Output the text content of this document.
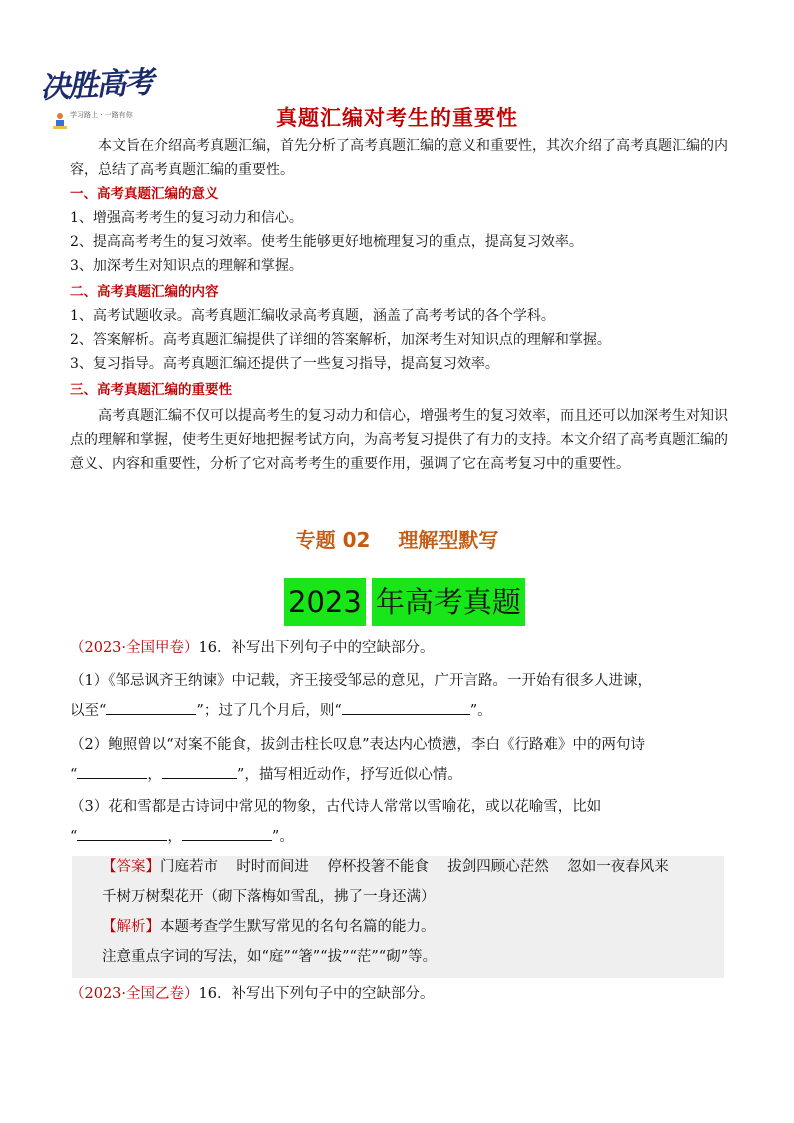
决胜高考
学习路上 · 一路有你	真题汇编对考生的重要性
本文旨在介绍高考真题汇编，首先分析了高考真题汇编的意义和重要性，其次介绍了高考真题汇编的内容，总结了高考真题汇编的重要性。
一、高考真题汇编的意义
1、增强高考考生的复习动力和信心。
2、提高高考考生的复习效率。使考生能够更好地梳理复习的重点，提高复习效率。
3、加深考生对知识点的理解和掌握。
二、高考真题汇编的内容
1、高考试题收录。高考真题汇编收录高考真题，涵盖了高考考试的各个学科。
2、答案解析。高考真题汇编提供了详细的答案解析，加深考生对知识点的理解和掌握。
3、复习指导。高考真题汇编还提供了一些复习指导，提高复习效率。
三、高考真题汇编的重要性
高考真题汇编不仅可以提高考生的复习动力和信心，增强考生的复习效率，而且还可以加深考生对知识点的理解和掌握，使考生更好地把握考试方向，为高考复习提供了有力的支持。本文介绍了高考真题汇编的意义、内容和重要性，分析了它对高考考生的重要作用，强调了它在高考复习中的重要性。
专题 02    理解型默写
2023 年高考真题
（2023·全国甲卷）16．补写出下列句子中的空缺部分。
（1）《邹忌讽齐王纳谏》中记载，齐王接受邹忌的意见，广开言路。一开始有很多人进谏，
以至“	”；过了几个月后，则“	”。
（2）鲍照曾以“对案不能食，拔剑击柱长叹息”表达内心愤懑，李白《行路难》中的两句诗
“	，	”，描写相近动作，抒写近似心情。
（3）花和雪都是古诗词中常见的物象，古代诗人常常以雪喻花，或以花喻雪，比如
“	，	”。
【答案】门庭若市    时时而间进    停杯投箸不能食    拔剑四顾心茫然    忽如一夜春风来
千树万树梨花开（砌下落梅如雪乱，拂了一身还满）
【解析】本题考查学生默写常见的名句名篇的能力。
注意重点字词的写法，如“庭”“箸”“拔”“茫”“砌”等。
（2023·全国乙卷）16．补写出下列句子中的空缺部分。
